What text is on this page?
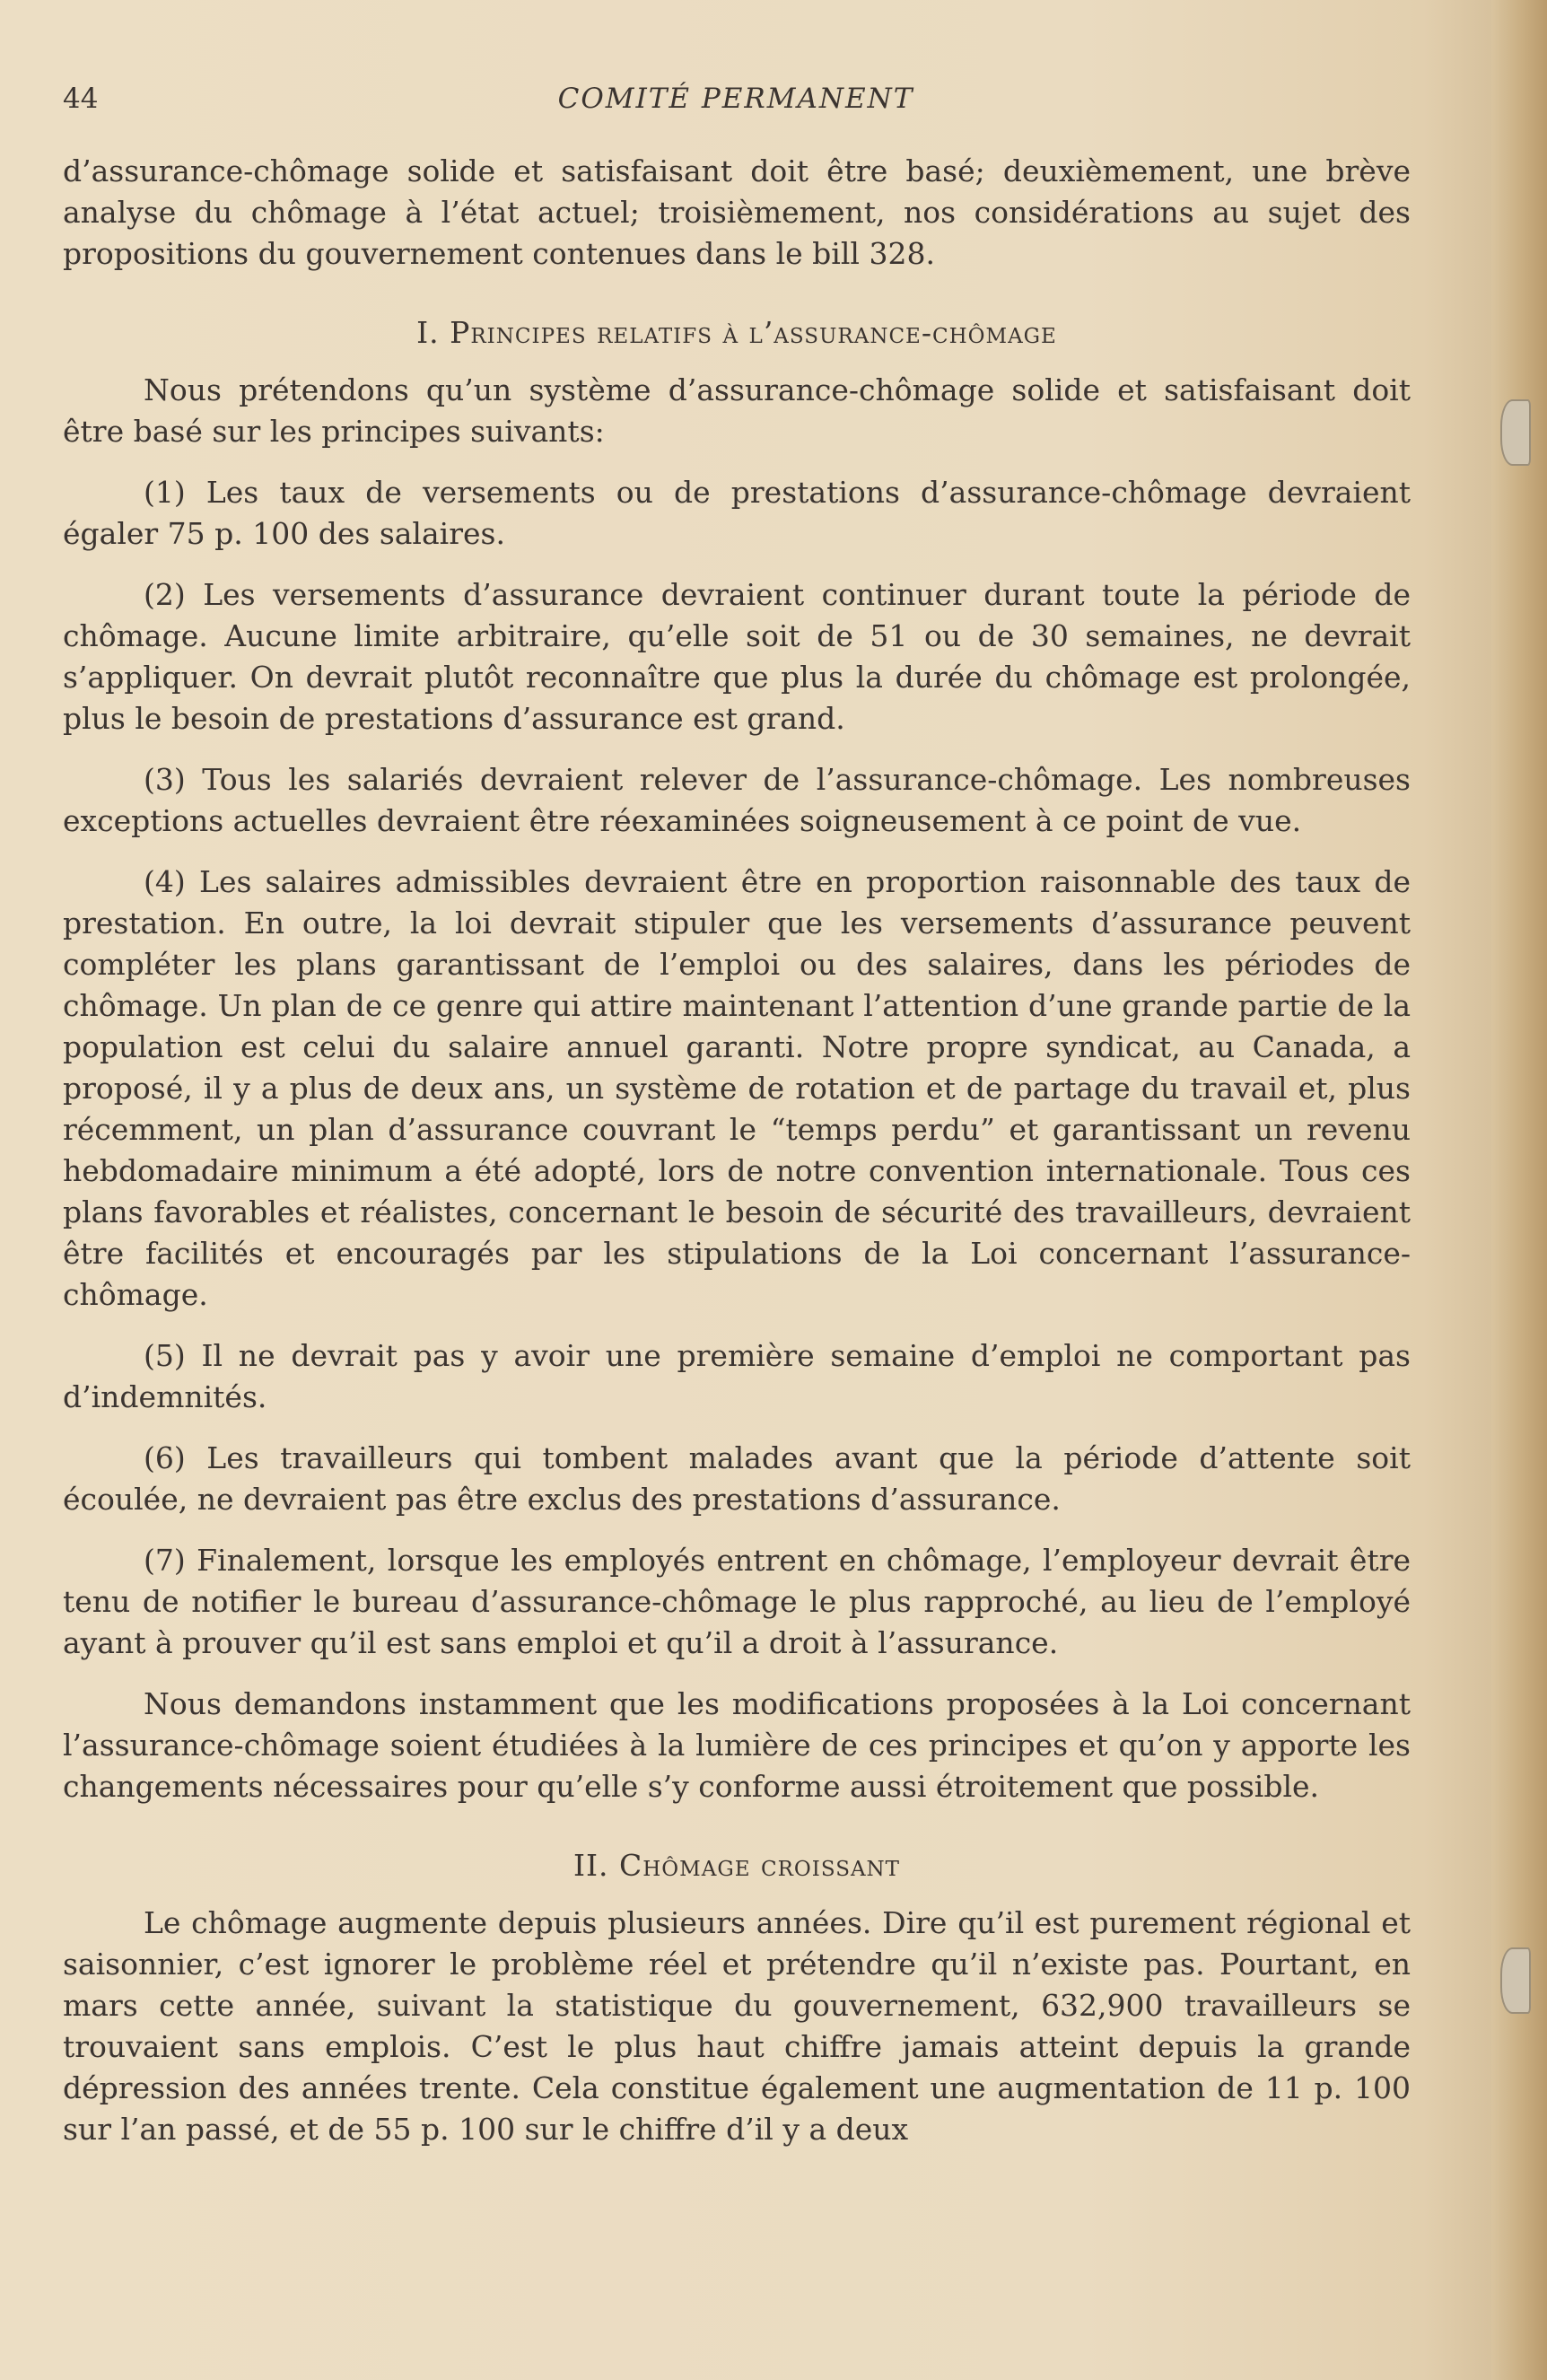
44	COMITÉ PERMANENT

d’assurance-chômage solide et satisfaisant doit être basé; deuxièmement, une brève analyse du chômage à l’état actuel; troisièmement, nos considérations au sujet des propositions du gouvernement contenues dans le bill 328.

I. Principes relatifs à l’assurance-chômage

Nous prétendons qu’un système d’assurance-chômage solide et satisfaisant doit être basé sur les principes suivants:

(1) Les taux de versements ou de prestations d’assurance-chômage devraient égaler 75 p. 100 des salaires.

(2) Les versements d’assurance devraient continuer durant toute la période de chômage. Aucune limite arbitraire, qu’elle soit de 51 ou de 30 semaines, ne devrait s’appliquer. On devrait plutôt reconnaître que plus la durée du chômage est prolongée, plus le besoin de prestations d’assurance est grand.

(3) Tous les salariés devraient relever de l’assurance-chômage. Les nombreuses exceptions actuelles devraient être réexaminées soigneusement à ce point de vue.

(4) Les salaires admissibles devraient être en proportion raisonnable des taux de prestation. En outre, la loi devrait stipuler que les versements d’assurance peuvent compléter les plans garantissant de l’emploi ou des salaires, dans les périodes de chômage. Un plan de ce genre qui attire maintenant l’attention d’une grande partie de la population est celui du salaire annuel garanti. Notre propre syndicat, au Canada, a proposé, il y a plus de deux ans, un système de rotation et de partage du travail et, plus récemment, un plan d’assurance couvrant le “temps perdu” et garantissant un revenu hebdomadaire minimum a été adopté, lors de notre convention internationale. Tous ces plans favorables et réalistes, concernant le besoin de sécurité des travailleurs, devraient être facilités et encouragés par les stipulations de la Loi concernant l’assurance-chômage.

(5) Il ne devrait pas y avoir une première semaine d’emploi ne comportant pas d’indemnités.

(6) Les travailleurs qui tombent malades avant que la période d’attente soit écoulée, ne devraient pas être exclus des prestations d’assurance.

(7) Finalement, lorsque les employés entrent en chômage, l’employeur devrait être tenu de notifier le bureau d’assurance-chômage le plus rapproché, au lieu de l’employé ayant à prouver qu’il est sans emploi et qu’il a droit à l’assurance.

Nous demandons instamment que les modifications proposées à la Loi concernant l’assurance-chômage soient étudiées à la lumière de ces principes et qu’on y apporte les changements nécessaires pour qu’elle s’y conforme aussi étroitement que possible.

II. Chômage croissant

Le chômage augmente depuis plusieurs années. Dire qu’il est purement régional et saisonnier, c’est ignorer le problème réel et prétendre qu’il n’existe pas. Pourtant, en mars cette année, suivant la statistique du gouvernement, 632,900 travailleurs se trouvaient sans emplois. C’est le plus haut chiffre jamais atteint depuis la grande dépression des années trente. Cela constitue également une augmentation de 11 p. 100 sur l’an passé, et de 55 p. 100 sur le chiffre d’il y a deux
